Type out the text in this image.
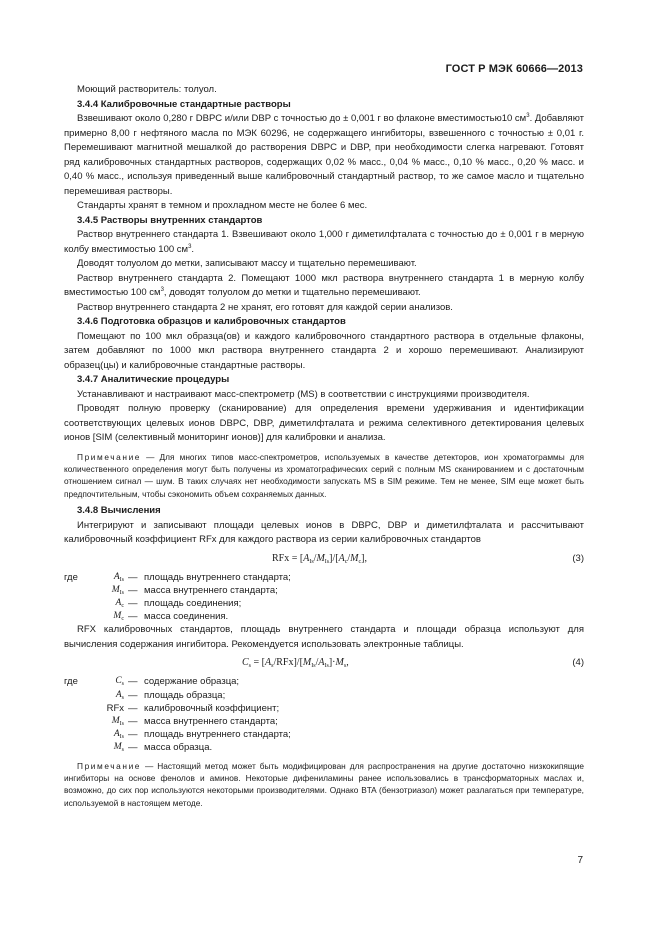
ГОСТ Р МЭК 60666—2013

Моющий растворитель: толуол.

3.4.4 Калибровочные стандартные растворы

Взвешивают около 0,280 г DBPC и/или DBP с точностью до ± 0,001 г во флаконе вместимостью10 $см^3$. Добавляют примерно 8,00 г нефтяного масла по МЭК 60296, не содержащего ингибиторы, взвешенного с точностью ± 0,01 г. Перемешивают магнитной мешалкой до растворения DBPC и DBP, при необходимости слегка нагревают. Готовят ряд калибровочных стандартных растворов, содержащих 0,02 % масс., 0,04 % масс., 0,10 % масс., 0,20 % масс. и 0,40 % масс., используя приведенный выше калибровочный стандартный раствор, то же самое масло и тщательно перемешивая растворы.

Стандарты хранят в темном и прохладном месте не более 6 мес.

3.4.5 Растворы внутренних стандартов

Раствор внутреннего стандарта 1. Взвешивают около 1,000 г диметилфталата с точностью до ± 0,001 г в мерную колбу вместимостью 100 $см^3$.

Доводят толуолом до метки, записывают массу и тщательно перемешивают.

Раствор внутреннего стандарта 2. Помещают 1000 мкл раствора внутреннего стандарта 1 в мерную колбу вместимостью 100 $см^3$, доводят толуолом до метки и тщательно перемешивают.

Раствор внутреннего стандарта 2 не хранят, его готовят для каждой серии анализов.

3.4.6 Подготовка образцов и калибровочных стандартов

Помещают по 100 мкл образца(ов) и каждого калибровочного стандартного раствора в отдельные флаконы, затем добавляют по 1000 мкл раствора внутреннего стандарта 2 и хорошо перемешивают. Анализируют образец(цы) и калибровочные стандартные растворы.

3.4.7 Аналитические процедуры

Устанавливают и настраивают масс-спектрометр (MS) в соответствии с инструкциями производителя.

Проводят полную проверку (сканирование) для определения времени удерживания и идентификации соответствующих целевых ионов DBPC, DBP, диметилфталата и режима селективного детектирования целевых ионов [SIM (селективный мониторинг ионов)] для калибровки и анализа.

Примечание — Для многих типов масс-спектрометров, используемых в качестве детекторов, ион хроматограммы для количественного определения могут быть получены из хроматографических серий с полным MS сканированием и с достаточным отношением сигнал — шум. В таких случаях нет необходимости запускать MS в SIM режиме. Тем не менее, SIM еще может быть предпочтительным, чтобы сэкономить объем сохраняемых данных.

3.4.8 Вычисления

Интегрируют и записывают площади целевых ионов в DBPC, DBP и диметилфталата и рассчитывают калибровочный коэффициент RFx для каждого раствора из серии калибровочных стандартов

RFx = $[A_{Is}/M_{Is}]/[A_c/M_c]$,	(3)
где	$A_{Is}$ — площадь внутреннего стандарта;
$M_{Is}$ — масса внутреннего стандарта;
$A_c$ — площадь соединения;
$M_c$ — масса соединения.

RFX калибровочных стандартов, площадь внутреннего стандарта и площади образца используют для вычисления содержания ингибитора. Рекомендуется использовать электронные таблицы.

$C_s = [A_s/RFx]/[M_{Is}/A_{Is}]\cdot M_s$,	(4)
где	$C_s$ — содержание образца;
$A_s$ — площадь образца;
RFx — калибровочный коэффициент;
$M_{Is}$ — масса внутреннего стандарта;
$A_{Is}$ — площадь внутреннего стандарта;
$M_s$ — масса образца.

Примечание — Настоящий метод может быть модифицирован для распространения на другие достаточно низкокипящие ингибиторы на основе фенолов и аминов. Некоторые дифениламины ранее использовались в трансформаторных маслах и, возможно, до сих пор используются некоторыми производителями. Однако BTA (бензотриазол) может разлагаться при температуре, используемой в настоящем методе.

7
